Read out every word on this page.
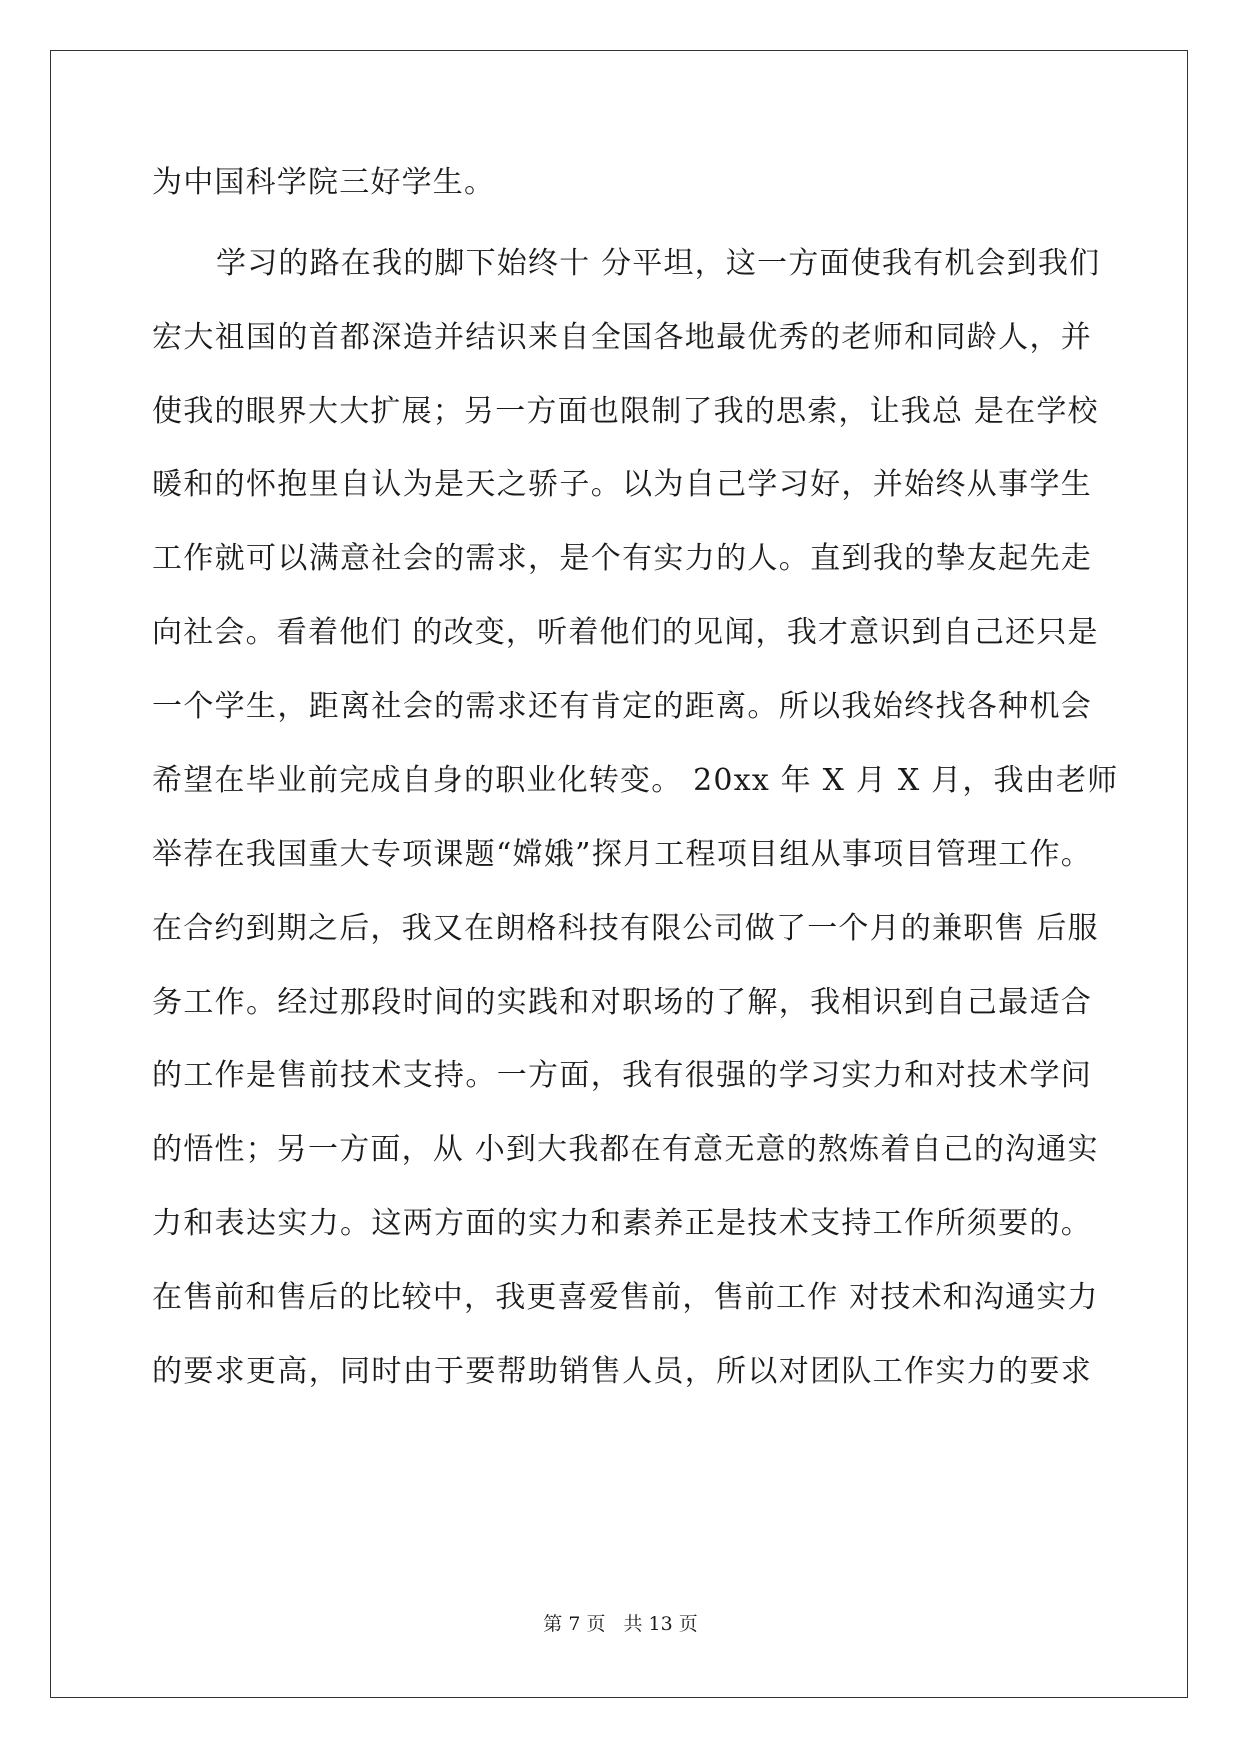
为中国科学院三好学生。
学习的路在我的脚下始终十 分平坦，这一方面使我有机会到我们
宏大祖国的首都深造并结识来自全国各地最优秀的老师和同龄人，并
使我的眼界大大扩展；另一方面也限制了我的思索，让我总 是在学校
暖和的怀抱里自认为是天之骄子。以为自己学习好，并始终从事学生
工作就可以满意社会的需求，是个有实力的人。直到我的挚友起先走
向社会。看着他们 的改变，听着他们的见闻，我才意识到自己还只是
一个学生，距离社会的需求还有肯定的距离。所以我始终找各种机会
希望在毕业前完成自身的职业化转变。 20xx 年 X 月 X 月，我由老师
举荐在我国重大专项课题“嫦娥”探月工程项目组从事项目管理工作。
在合约到期之后，我又在朗格科技有限公司做了一个月的兼职售 后服
务工作。经过那段时间的实践和对职场的了解，我相识到自己最适合
的工作是售前技术支持。一方面，我有很强的学习实力和对技术学问
的悟性；另一方面，从 小到大我都在有意无意的熬炼着自己的沟通实
力和表达实力。这两方面的实力和素养正是技术支持工作所须要的。
在售前和售后的比较中，我更喜爱售前，售前工作 对技术和沟通实力
的要求更高，同时由于要帮助销售人员，所以对团队工作实力的要求
第 7 页 共 13 页
